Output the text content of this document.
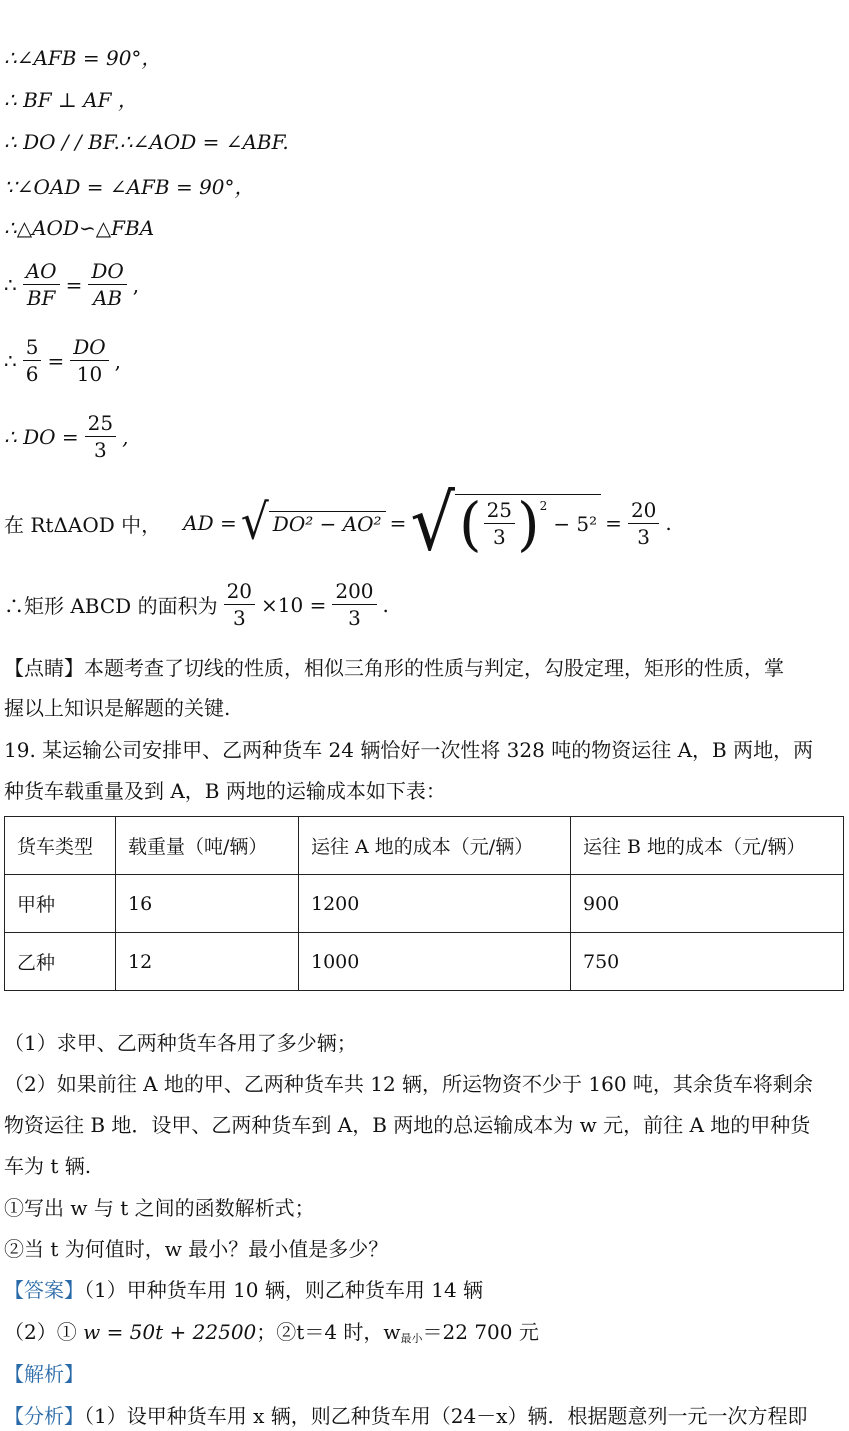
∴∠AFB = 90°，
∴ BF ⊥ AF ，
∴ DO / / BF.∴∠AOD = ∠ABF.
∵∠OAD = ∠AFB = 90°，
∴△AOD∽△FBA
∴ $\frac{AO}{BF} = \frac{DO}{AB}$ ,
∴ $\frac{5}{6} = \frac{DO}{10}$ ,
∴ DO = $\frac{25}{3}$ ,
在 RtΔAOD 中， AD = √ DO² − AO² = √ ( $\frac{25}{3} )^2$
− $5^2 = \frac{20}{3}$ .
∴矩形 ABCD 的面积为 $\frac{20}{3} \times 10 = \frac{200}{3}$ .
【点睛】本题考查了切线的性质，相似三角形的性质与判定，勾股定理，矩形的性质，掌
握以上知识是解题的关键.
19. 某运输公司安排甲、乙两种货车 24 辆恰好一次性将 328 吨的物资运往 A，B 两地，两
种货车载重量及到 A，B 两地的运输成本如下表：
货车类型	载重量（吨/辆）	运往 A 地的成本（元/辆）	运往 B 地的成本（元/辆）
甲种	16	1200	900
乙种	12	1000	750
（1）求甲、乙两种货车各用了多少辆；
（2）如果前往 A 地的甲、乙两种货车共 12 辆，所运物资不少于 160 吨，其余货车将剩余
物资运往 B 地．设甲、乙两种货车到 A，B 两地的总运输成本为 w 元，前往 A 地的甲种货
车为 t 辆.
①写出 w 与 t 之间的函数解析式；
②当 t 为何值时，w 最小？最小值是多少？
【答案】（1）甲种货车用 10 辆，则乙种货车用 14 辆
（2）① w = 50t + 22500；②t＝4 时，$w_{最小}=22$ 700 元
【解析】
【分析】（1）设甲种货车用 x 辆，则乙种货车用（24－x）辆．根据题意列一元一次方程即
